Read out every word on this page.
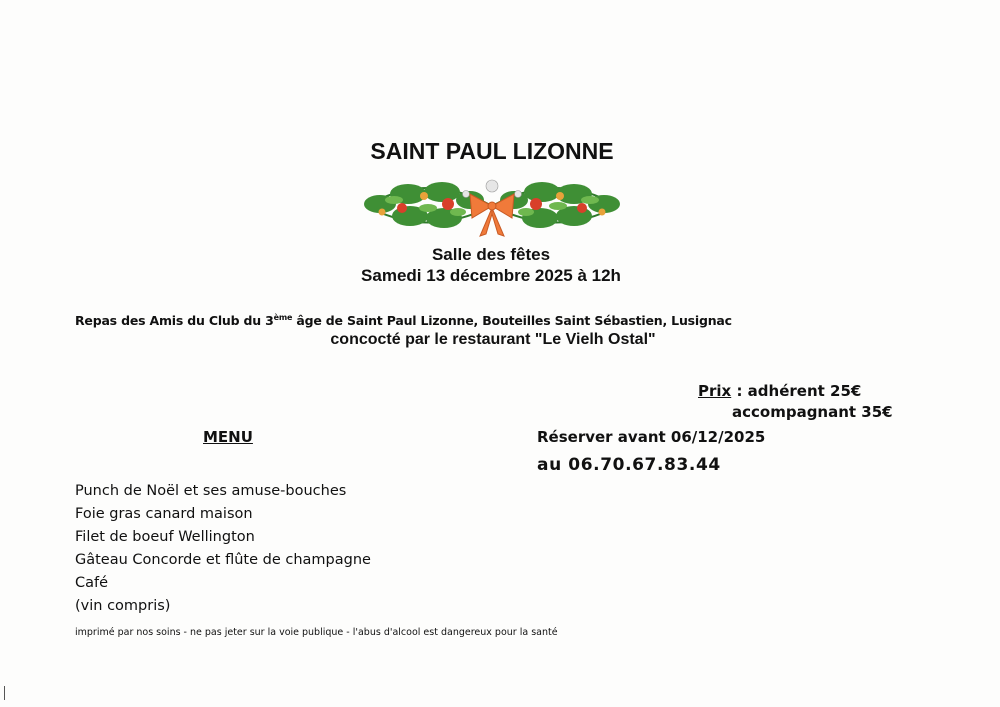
SAINT PAUL LIZONNE
Salle des fêtes
Samedi 13 décembre 2025 à 12h
Repas des Amis du Club du 3ème âge de Saint Paul Lizonne, Bouteilles Saint Sébastien, Lusignac
concocté par le restaurant "Le Vielh Ostal"
Prix : adhérent 25€
accompagnant 35€
MENU	Réserver avant 06/12/2025
au 06.70.67.83.44
Punch de Noël et ses amuse-bouches
Foie gras canard maison
Filet de boeuf Wellington
Gâteau Concorde et flûte de champagne
Café
(vin compris)
imprimé par nos soins - ne pas jeter sur la voie publique - l'abus d'alcool est dangereux pour la santé
